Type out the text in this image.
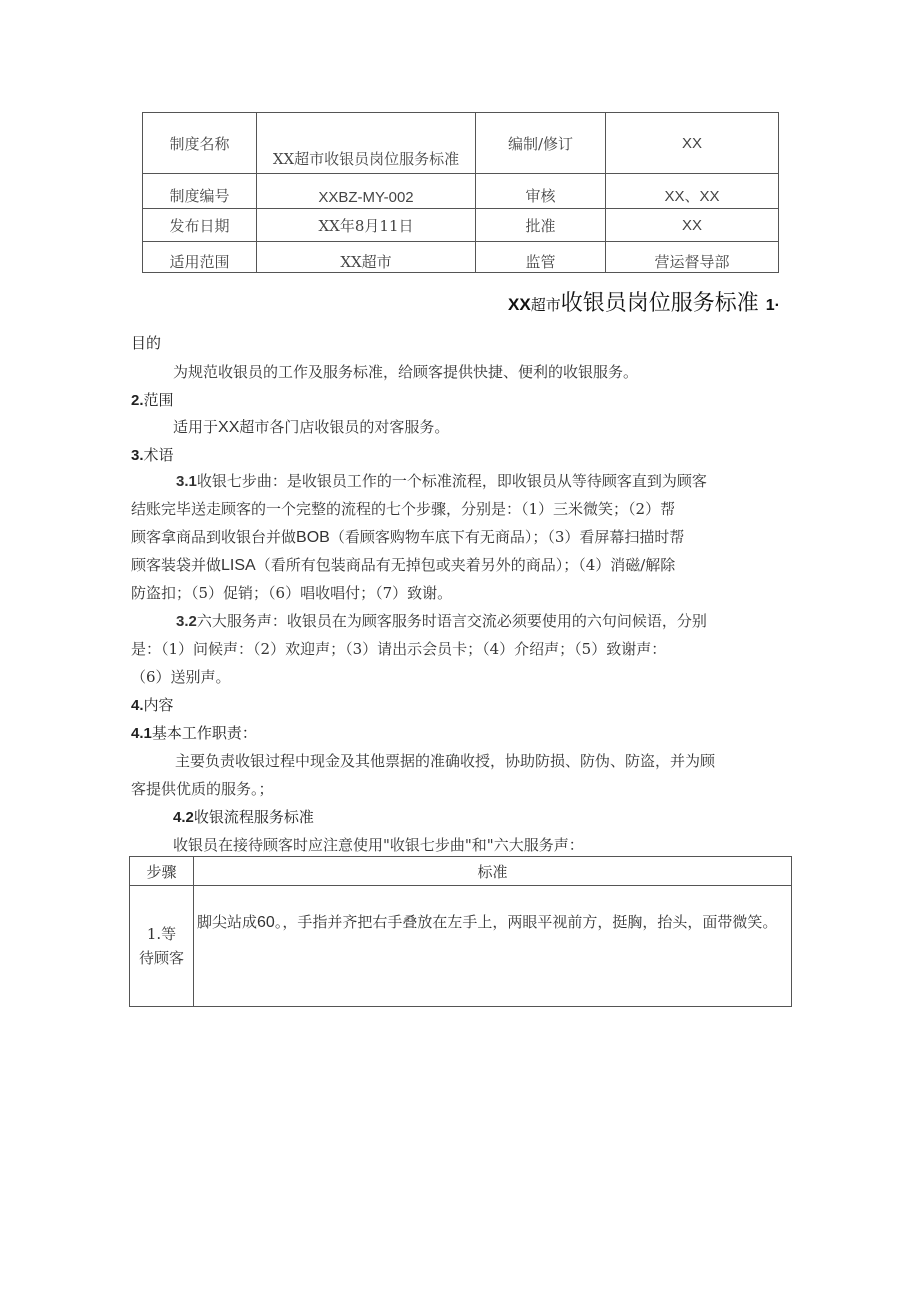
制度名称	XX超市收银员岗位服务标准	编制/修订	XX
制度编号	XXBZ-MY-002	审核	XX、XX
发布日期	XX年8月11日	批准	XX
适用范围	XX超市	监管	营运督导部
XX超市收银员岗位服务标准 1·
目的
为规范收银员的工作及服务标准，给顾客提供快捷、便利的收银服务。
2.范围
适用于XX超市各门店收银员的对客服务。
3.术语
3.1收银七步曲：是收银员工作的一个标准流程，即收银员从等待顾客直到为顾客
结账完毕送走顾客的一个完整的流程的七个步骤，分别是：（1）三米微笑；（2）帮
顾客拿商品到收银台并做BOB（看顾客购物车底下有无商品）；（3）看屏幕扫描时帮
顾客装袋并做LISA（看所有包装商品有无掉包或夹着另外的商品）；（4）消磁/解除
防盗扣；（5）促销；（6）唱收唱付；（7）致谢。
3.2六大服务声：收银员在为顾客服务时语言交流必须要使用的六句问候语，分别
是：（1）问候声：（2）欢迎声；（3）请出示会员卡；（4）介绍声；（5）致谢声：
（6）送别声。
4.内容
4.1基本工作职责：
主要负责收银过程中现金及其他票据的准确收授，协助防损、防伪、防盗，并为顾
客提供优质的服务。；
4.2收银流程服务标准
收银员在接待顾客时应注意使用"收银七步曲"和"六大服务声：
步骤	标准

1.等
待顾客	脚尖站成60。，手指并齐把右手叠放在左手上，两眼平视前方，挺胸，抬头，面带微笑。
